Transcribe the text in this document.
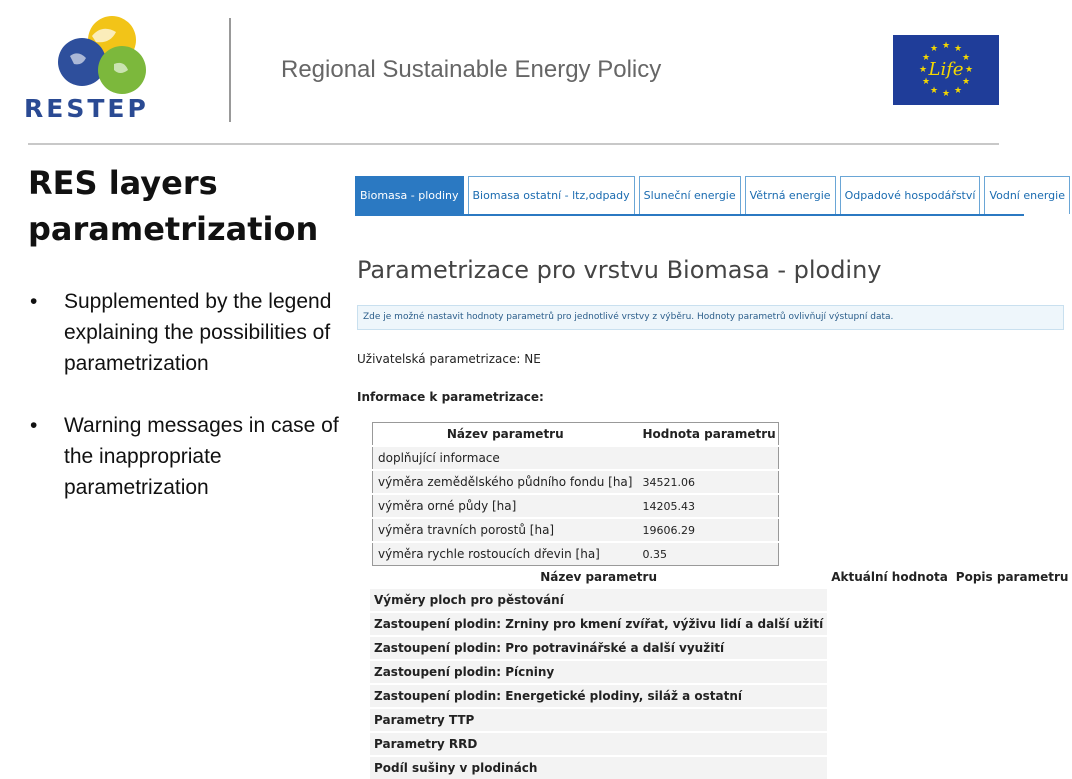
RESTEP
Regional Sustainable Energy Policy
★ ★
★
★
★
★
★
★
★
★
★
★
Life
RES layers parametrization
• Supplemented by the legend explaining the possibilities of parametrization
• Warning messages in case of the inappropriate parametrization
Biomasa - plodiny	Biomasa ostatní - ltz,odpady	Sluneční energie	Větrná energie	Odpadové hospodářství	Vodní energie
Parametrizace pro vrstvu Biomasa - plodiny
Zde je možné nastavit hodnoty parametrů pro jednotlivé vrstvy z výběru. Hodnoty parametrů ovlivňují výstupní data.
Uživatelská parametrizace: NE
Informace k parametrizace:
Název parametru	Hodnota parametru
doplňující informace	
výměra zemědělského půdního fondu [ha]	34521.06
výměra orné půdy [ha]	14205.43
výměra travních porostů [ha]	19606.29
výměra rychle rostoucích dřevin [ha]	0.35
Název parametru	Aktuální hodnota	Popis parametru
Výměry ploch pro pěstování		
Zastoupení plodin: Zrniny pro kmení zvířat, výživu lidí a další užití		
Zastoupení plodin: Pro potravinářské a další využití		
Zastoupení plodin: Pícniny		
Zastoupení plodin: Energetické plodiny, siláž a ostatní		
Parametry TTP		
Parametry RRD		
Podíl sušiny v plodinách		
